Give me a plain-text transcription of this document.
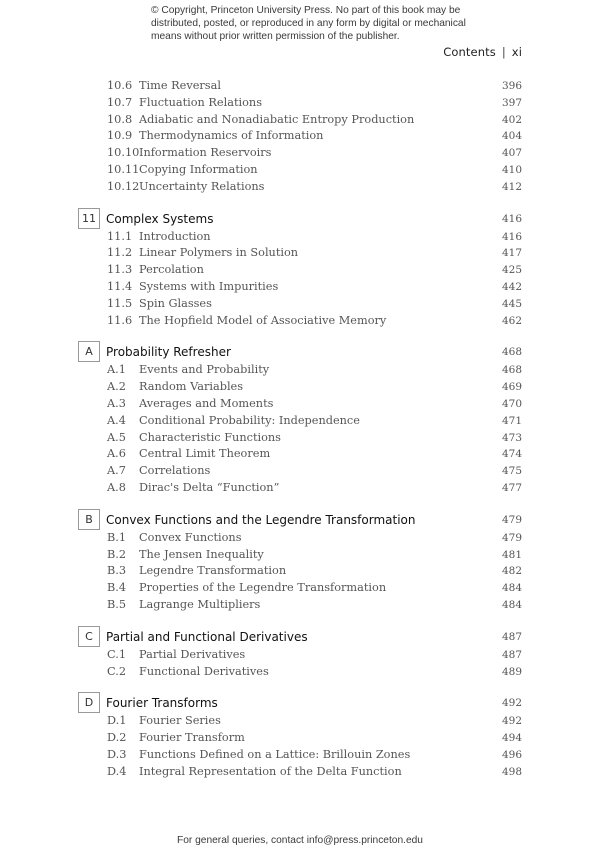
© Copyright, Princeton University Press. No part of this book may be
distributed, posted, or reproduced in any form by digital or mechanical
means without prior written permission of the publisher.
Contents | xi
10.6 Time Reversal	396
10.7 Fluctuation Relations	397
10.8 Adiabatic and Nonadiabatic Entropy Production	402
10.9 Thermodynamics of Information	404
10.10 Information Reservoirs	407
10.11 Copying Information	410
10.12 Uncertainty Relations	412
11 Complex Systems	416
11.1 Introduction	416
11.2 Linear Polymers in Solution	417
11.3 Percolation	425
11.4 Systems with Impurities	442
11.5 Spin Glasses	445
11.6 The Hopfield Model of Associative Memory	462
A	Probability Refresher	468
A.1 Events and Probability	468
A.2 Random Variables	469
A.3 Averages and Moments	470
A.4 Conditional Probability: Independence	471
A.5 Characteristic Functions	473
A.6 Central Limit Theorem	474
A.7 Correlations	475
A.8 Dirac's Delta “Function”	477
B	Convex Functions and the Legendre Transformation	479
B.1 Convex Functions	479
B.2 The Jensen Inequality	481
B.3 Legendre Transformation	482
B.4 Properties of the Legendre Transformation	484
B.5 Lagrange Multipliers	484
C	Partial and Functional Derivatives	487
C.1 Partial Derivatives	487
C.2 Functional Derivatives	489
D	Fourier Transforms	492
D.1 Fourier Series	492
D.2 Fourier Transform	494
D.3 Functions Defined on a Lattice: Brillouin Zones	496
D.4 Integral Representation of the Delta Function	498
For general queries, contact info@press.princeton.edu
